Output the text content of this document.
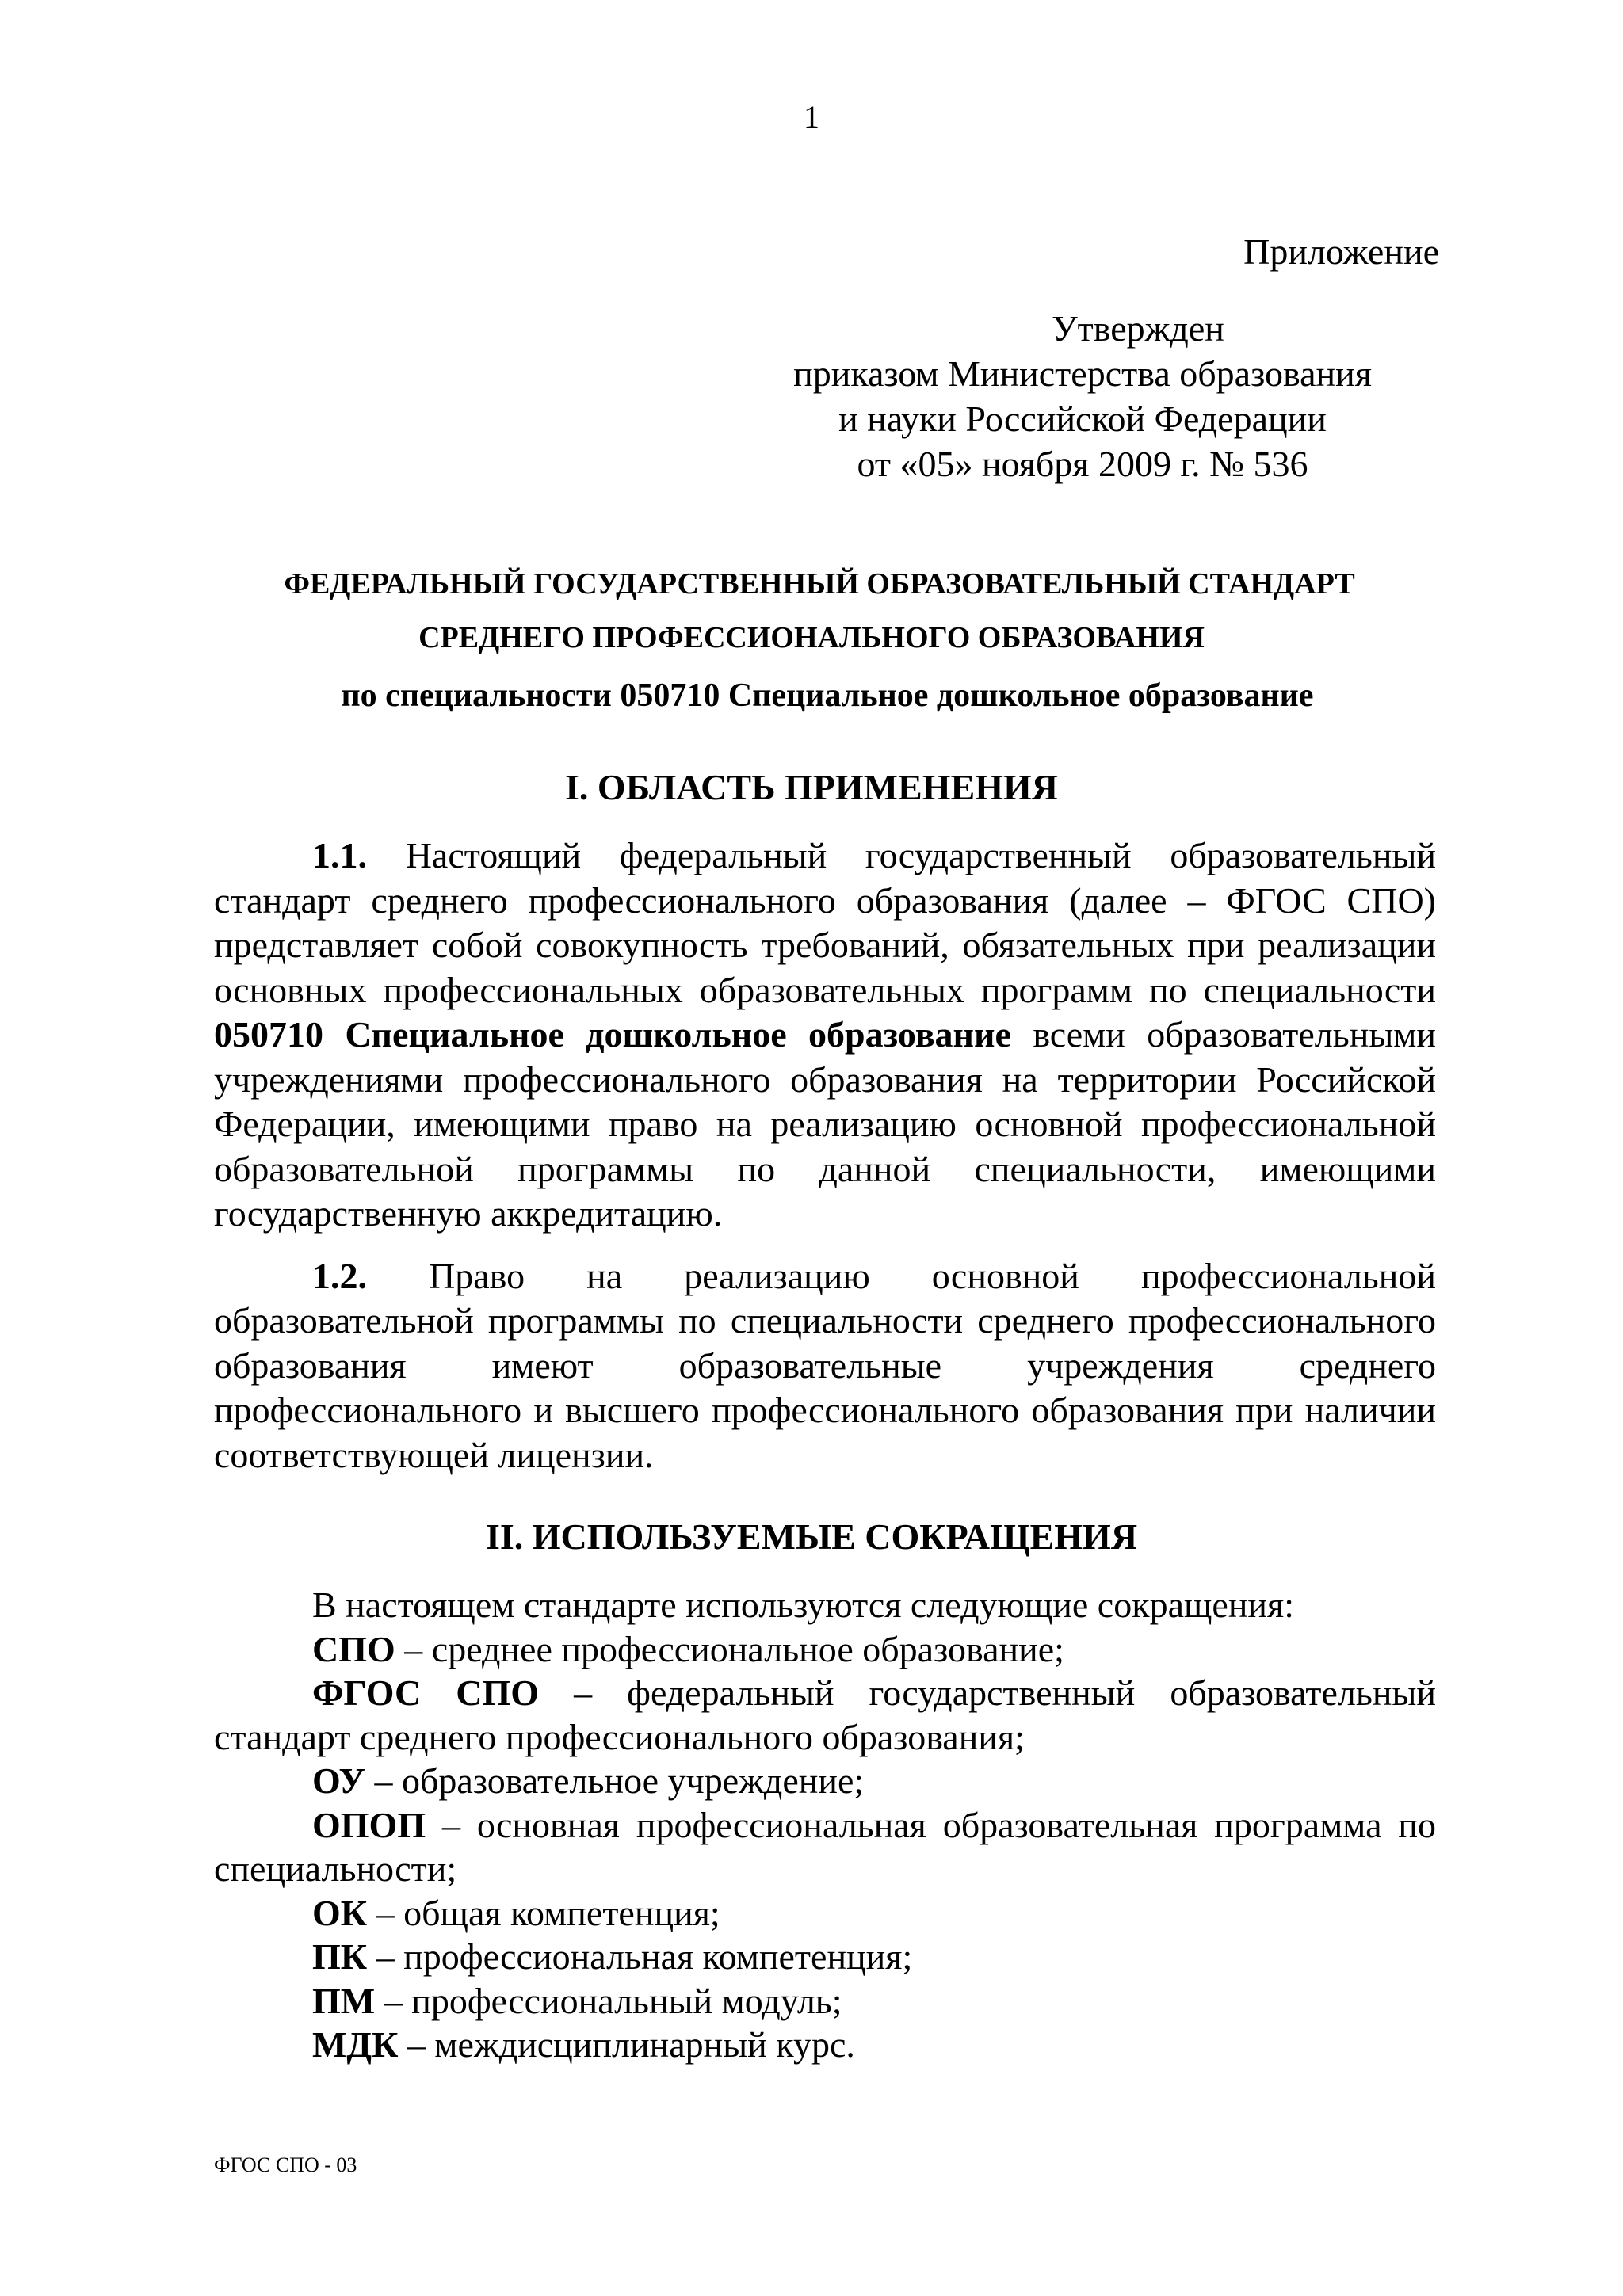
1
Приложение
Утвержден
приказом Министерства образования
и науки Российской Федерации
от «05» ноября 2009 г. № 536
ФЕДЕРАЛЬНЫЙ ГОСУДАРСТВЕННЫЙ ОБРАЗОВАТЕЛЬНЫЙ СТАНДАРТ
СРЕДНЕГО ПРОФЕССИОНАЛЬНОГО ОБРАЗОВАНИЯ
по специальности 050710 Специальное дошкольное образование
I. ОБЛАСТЬ ПРИМЕНЕНИЯ

1.1. Настоящий федеральный государственный образовательный стандарт среднего профессионального образования (далее – ФГОС СПО) представляет собой совокупность требований, обязательных при реализации основных профессиональных образовательных программ по специальности 050710 Специальное дошкольное образование всеми образовательными учреждениями профессионального образования на территории Российской Федерации, имеющими право на реализацию основной профессиональной образовательной программы по данной специальности, имеющими государственную аккредитацию.

1.2. Право на реализацию основной профессиональной образовательной программы по специальности среднего профессионального образования имеют образовательные учреждения среднего профессионального и высшего профессионального образования при наличии соответствующей лицензии.

II. ИСПОЛЬЗУЕМЫЕ СОКРАЩЕНИЯ

В настоящем стандарте используются следующие сокращения:

СПО – среднее профессиональное образование;

ФГОС СПО – федеральный государственный образовательный стандарт среднего профессионального образования;

ОУ – образовательное учреждение;

ОПОП – основная профессиональная образовательная программа по специальности;

ОК – общая компетенция;

ПК – профессиональная компетенция;

ПМ – профессиональный модуль;

МДК – междисциплинарный курс.

ФГОС СПО - 03
